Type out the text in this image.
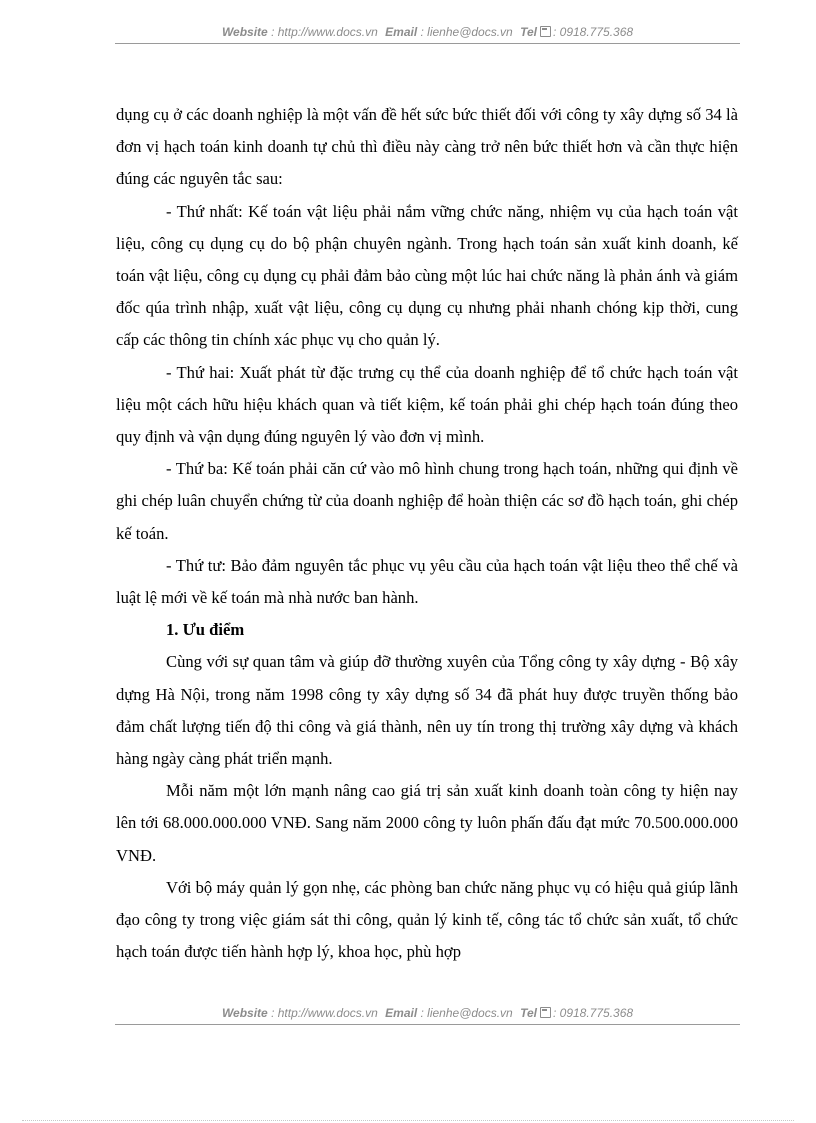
Website : http://www.docs.vn Email : lienhe@docs.vn Tel : 0918.775.368

dụng cụ ở các doanh nghiệp là một vấn đề hết sức bức thiết đối với công ty xây dựng số 34 là đơn vị hạch toán kinh doanh tự chủ thì điều này càng trở nên bức thiết hơn và cần thực hiện đúng các nguyên tắc sau:

- Thứ nhất: Kế toán vật liệu phải nắm vững chức năng, nhiệm vụ của hạch toán vật liệu, công cụ dụng cụ do bộ phận chuyên ngành. Trong hạch toán sản xuất kinh doanh, kế toán vật liệu, công cụ dụng cụ phải đảm bảo cùng một lúc hai chức năng là phản ánh và giám đốc qúa trình nhập, xuất vật liệu, công cụ dụng cụ nhưng phải nhanh chóng kịp thời, cung cấp các thông tin chính xác phục vụ cho quản lý.

- Thứ hai: Xuất phát từ đặc trưng cụ thể của doanh nghiệp để tổ chức hạch toán vật liệu một cách hữu hiệu khách quan và tiết kiệm, kế toán phải ghi chép hạch toán đúng theo quy định và vận dụng đúng nguyên lý vào đơn vị mình.

- Thứ ba: Kế toán phải căn cứ vào mô hình chung trong hạch toán, những qui định về ghi chép luân chuyển chứng từ của doanh nghiệp để hoàn thiện các sơ đồ hạch toán, ghi chép kế toán.

- Thứ tư: Bảo đảm nguyên tắc phục vụ yêu cầu của hạch toán vật liệu theo thể chế và luật lệ mới về kế toán mà nhà nước ban hành.

1. Ưu điểm

Cùng với sự quan tâm và giúp đỡ thường xuyên của Tổng công ty xây dựng - Bộ xây dựng Hà Nội, trong năm 1998 công ty xây dựng số 34 đã phát huy được truyền thống bảo đảm chất lượng tiến độ thi công và giá thành, nên uy tín trong thị trường xây dựng và khách hàng ngày càng phát triển mạnh.

Mỗi năm một lớn mạnh nâng cao giá trị sản xuất kinh doanh toàn công ty hiện nay lên tới 68.000.000.000 VNĐ. Sang năm 2000 công ty luôn phấn đấu đạt mức 70.500.000.000 VNĐ.

Với bộ máy quản lý gọn nhẹ, các phòng ban chức năng phục vụ có hiệu quả giúp lãnh đạo công ty trong việc giám sát thi công, quản lý kinh tế, công tác tổ chức sản xuất, tổ chức hạch toán được tiến hành hợp lý, khoa học, phù hợp

Website : http://www.docs.vn Email : lienhe@docs.vn Tel : 0918.775.368
